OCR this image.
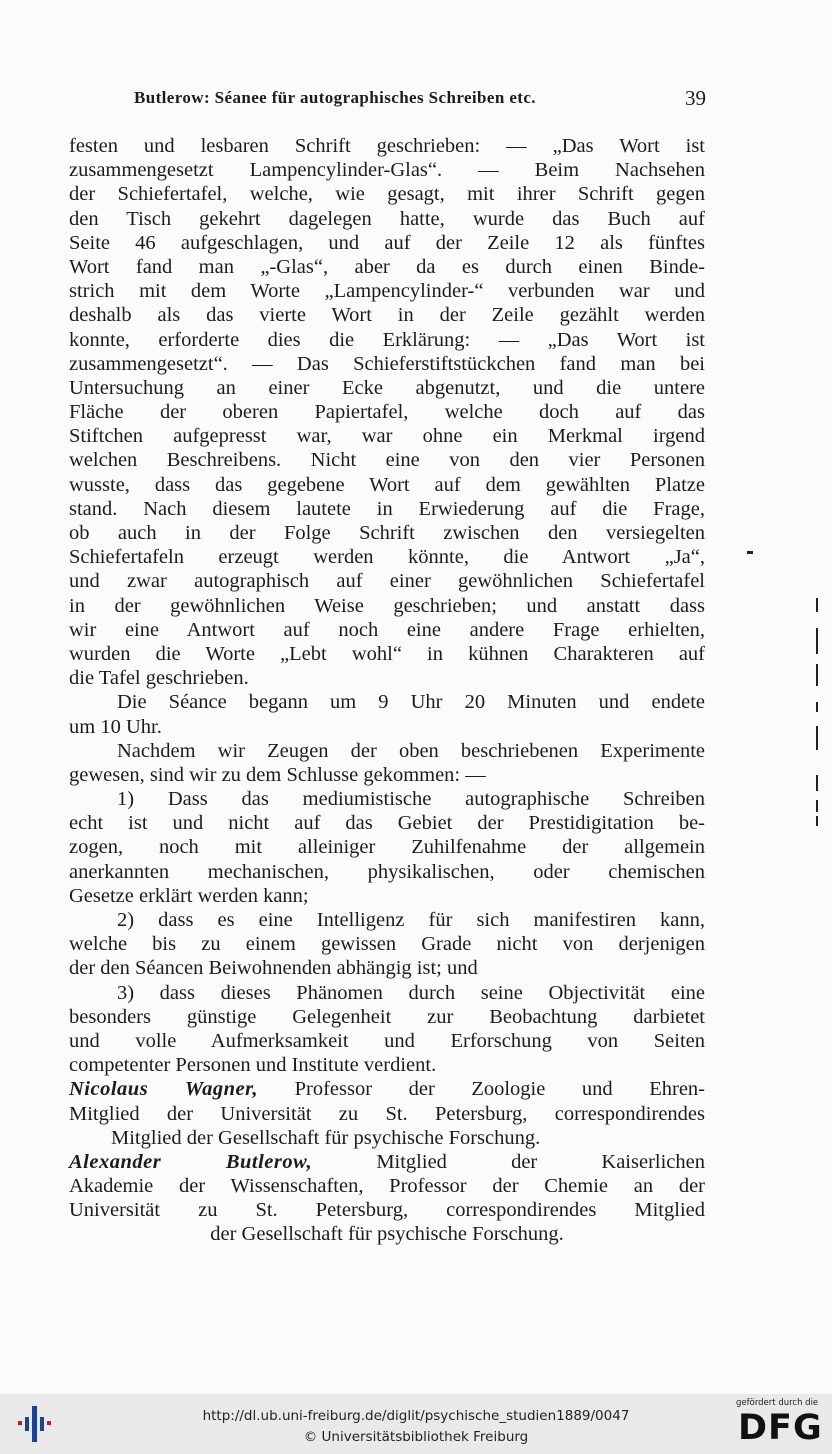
Butlerow: Séanee für autographisches Schreiben etc.	39
festen und lesbaren Schrift geschrieben: — „Das Wort ist
zusammengesetzt Lampencylinder-Glas“. — Beim Nachsehen
der Schiefertafel, welche, wie gesagt, mit ihrer Schrift gegen
den Tisch gekehrt dagelegen hatte, wurde das Buch auf
Seite 46 aufgeschlagen, und auf der Zeile 12 als fünftes
Wort fand man „-Glas“, aber da es durch einen Binde-
strich mit dem Worte „Lampencylinder-“ verbunden war und
deshalb als das vierte Wort in der Zeile gezählt werden
konnte, erforderte dies die Erklärung: — „Das Wort ist
zusammengesetzt“. — Das Schieferstiftstückchen fand man bei
Untersuchung an einer Ecke abgenutzt, und die untere
Fläche der oberen Papiertafel, welche doch auf das
Stiftchen aufgepresst war, war ohne ein Merkmal irgend
welchen Beschreibens. Nicht eine von den vier Personen
wusste, dass das gegebene Wort auf dem gewählten Platze
stand. Nach diesem lautete in Erwiederung auf die Frage,
ob auch in der Folge Schrift zwischen den versiegelten
Schiefertafeln erzeugt werden könnte, die Antwort „Ja“,
und zwar autographisch auf einer gewöhnlichen Schiefertafel
in der gewöhnlichen Weise geschrieben; und anstatt dass
wir eine Antwort auf noch eine andere Frage erhielten,
wurden die Worte „Lebt wohl“ in kühnen Charakteren auf
die Tafel geschrieben.
Die Séance begann um 9 Uhr 20 Minuten und endete
um 10 Uhr.
Nachdem wir Zeugen der oben beschriebenen Experimente
gewesen, sind wir zu dem Schlusse gekommen: —
1) Dass das mediumistische autographische Schreiben
echt ist und nicht auf das Gebiet der Prestidigitation be-
zogen, noch mit alleiniger Zuhilfenahme der allgemein
anerkannten mechanischen, physikalischen, oder chemischen
Gesetze erklärt werden kann;
2) dass es eine Intelligenz für sich manifestiren kann,
welche bis zu einem gewissen Grade nicht von derjenigen
der den Séancen Beiwohnenden abhängig ist; und
3) dass dieses Phänomen durch seine Objectivität eine
besonders günstige Gelegenheit zur Beobachtung darbietet
und volle Aufmerksamkeit und Erforschung von Seiten
competenter Personen und Institute verdient.
Nicolaus Wagner, Professor der Zoologie und Ehren-
Mitglied der Universität zu St. Petersburg, correspondirendes
Mitglied der Gesellschaft für psychische Forschung.
Alexander Butlerow, Mitglied der Kaiserlichen
Akademie der Wissenschaften, Professor der Chemie an der
Universität zu St. Petersburg, correspondirendes Mitglied
der Gesellschaft für psychische Forschung.
http://dl.ub.uni-freiburg.de/diglit/psychische_studien1889/0047
© Universitätsbibliothek Freiburg
gefördert durch die
DFG
